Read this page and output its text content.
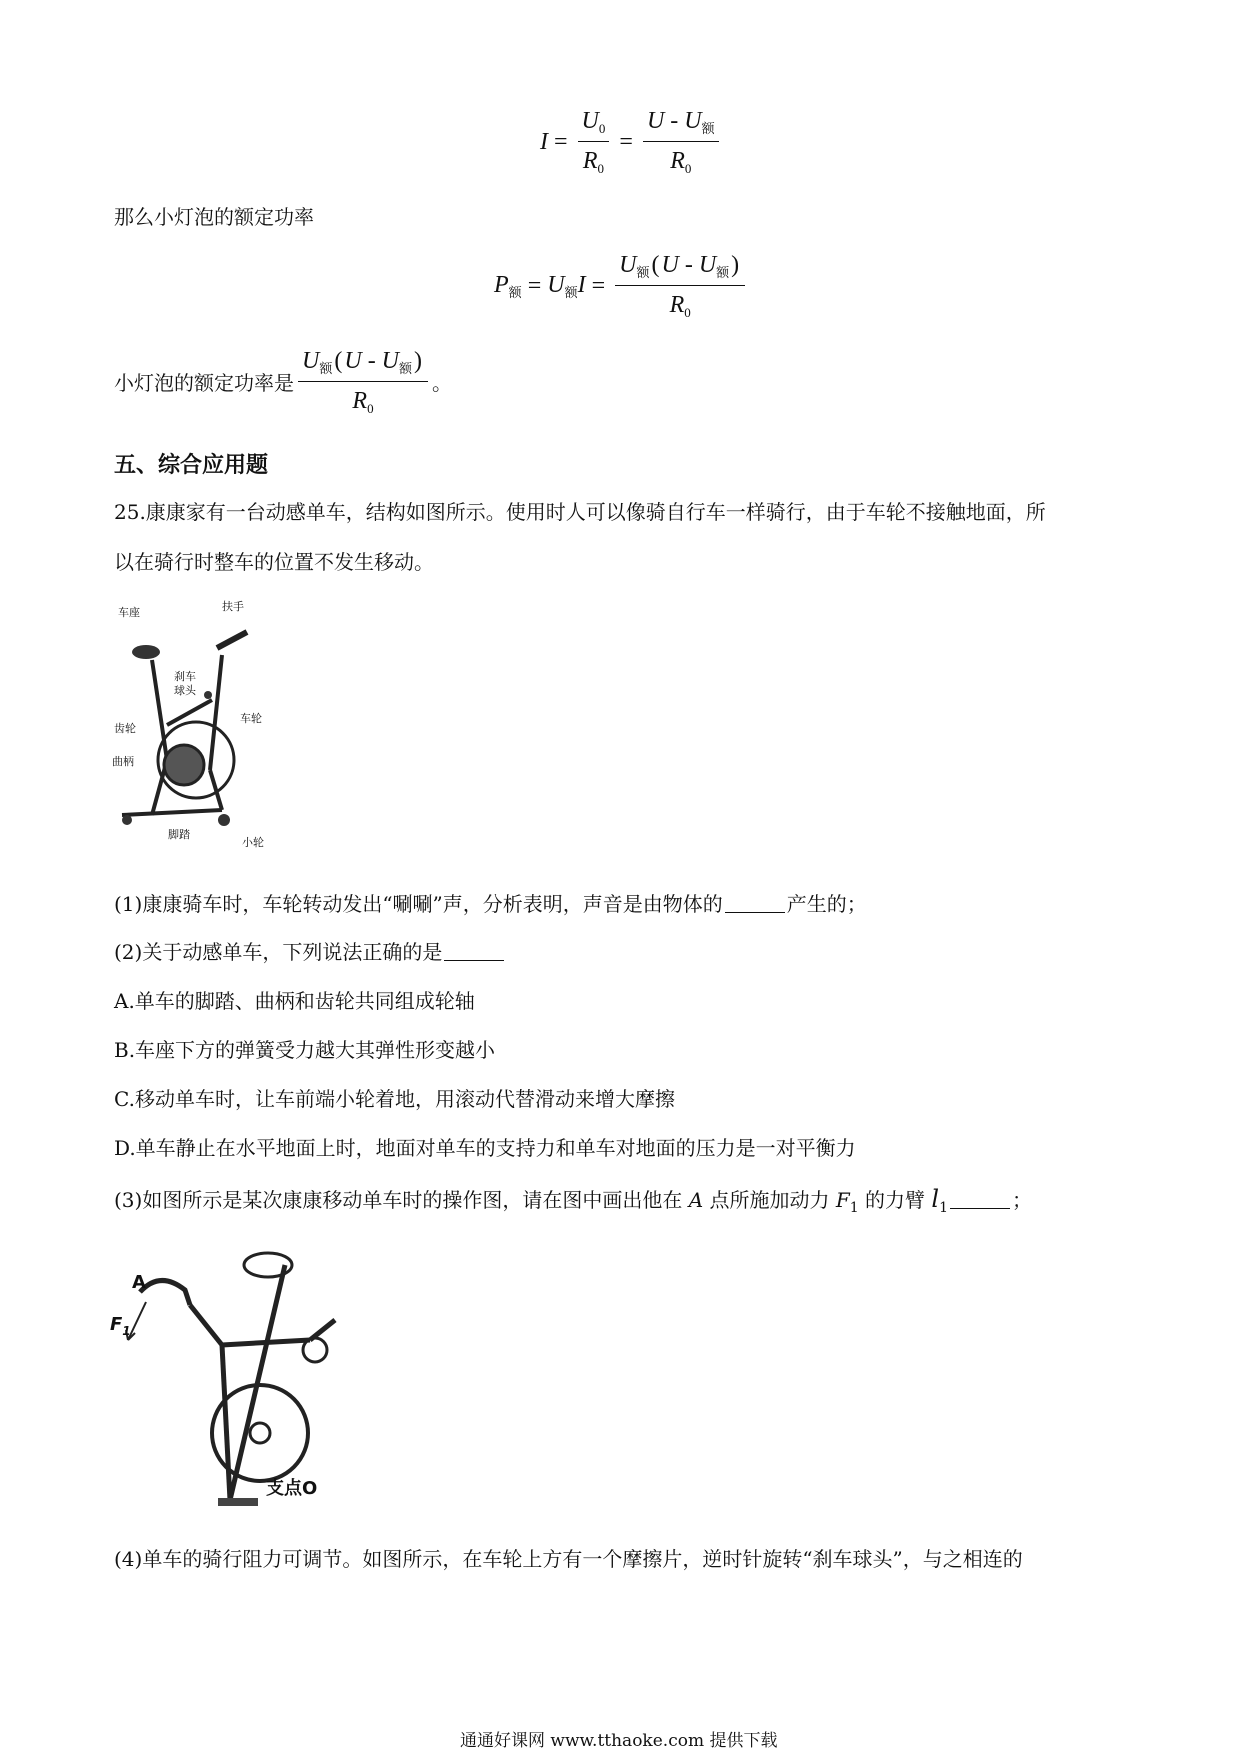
$I = \frac{U_0}{R_0} = \frac{U - U_额}{R_0}$
那么小灯泡的额定功率
$P_额 = U_额I = \frac{U_额(U - U_额)}{R_0}$
小灯泡的额定功率是 $\frac{U_额(U - U_额)}{R_0}$ 。
五、综合应用题
25.康康家有一台动感单车，结构如图所示。使用时人可以像骑自行车一样骑行，由于车轮不接触地面，所
以在骑行时整车的位置不发生移动。
车座	扶手
刹车
球头
齿轮
车轮
曲柄
脚踏
小轮
(1)康康骑车时，车轮转动发出“唰唰”声，分析表明，声音是由物体的	产生的；
(2)关于动感单车，下列说法正确的是
A.单车的脚踏、曲柄和齿轮共同组成轮轴
B.车座下方的弹簧受力越大其弹性形变越小
C.移动单车时，让车前端小轮着地，用滚动代替滑动来增大摩擦
D.单车静止在水平地面上时，地面对单车的支持力和单车对地面的压力是一对平衡力
(3)如图所示是某次康康移动单车时的操作图，请在图中画出他在 A 点所施加动力 $F_1$ 的力臂 $l_1$	；
A
$F_1$
支点O
(4)单车的骑行阻力可调节。如图所示，在车轮上方有一个摩擦片，逆时针旋转“刹车球头”，与之相连的
通通好课网 www.tthaoke.com 提供下载
